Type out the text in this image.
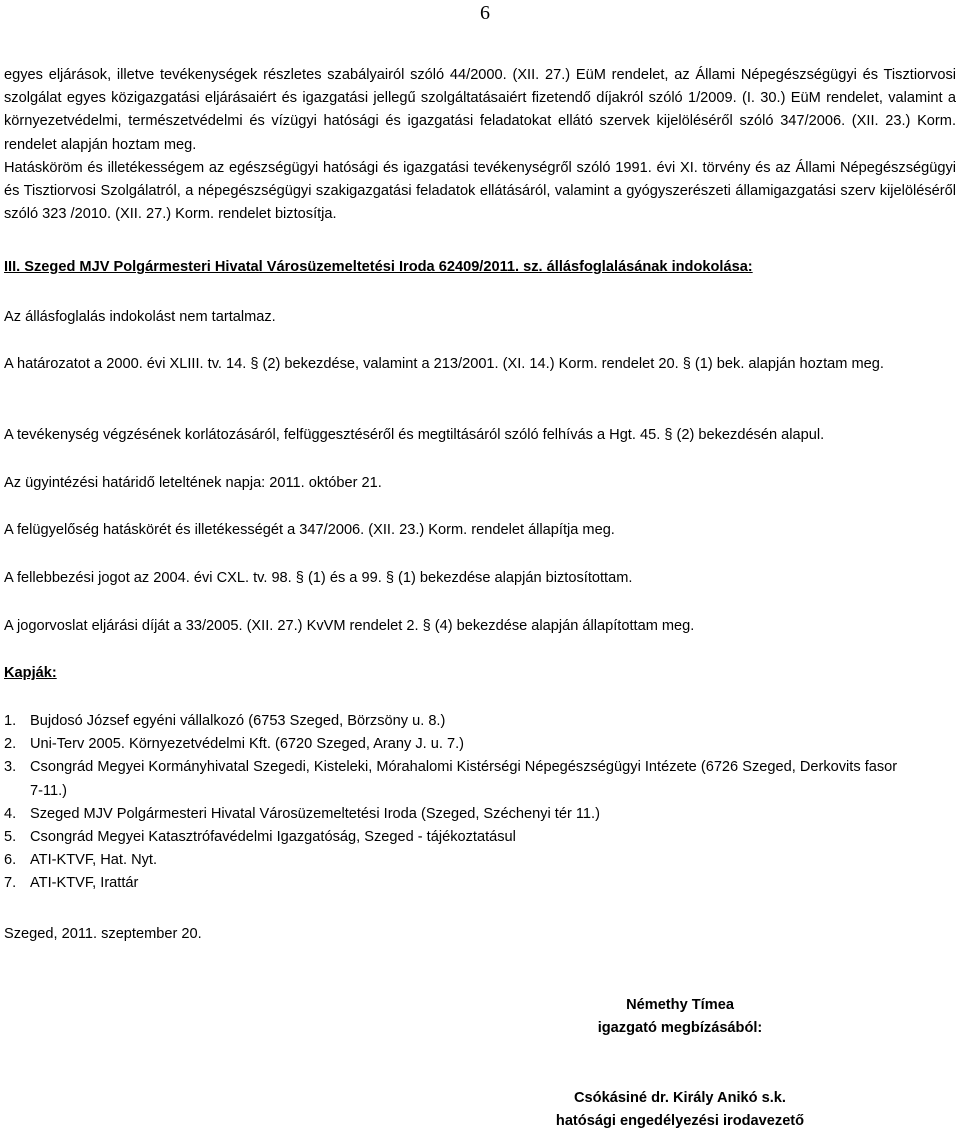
6

egyes eljárások, illetve tevékenységek részletes szabályairól szóló 44/2000. (XII. 27.) EüM rendelet, az Állami Népegészségügyi és Tisztiorvosi szolgálat egyes közigazgatási eljárásaiért és igazgatási jellegű szolgáltatásaiért fizetendő díjakról szóló 1/2009. (I. 30.) EüM rendelet, valamint a környezetvédelmi, természetvédelmi és vízügyi hatósági és igazgatási feladatokat ellátó szervek kijelöléséről szóló 347/2006. (XII. 23.) Korm. rendelet alapján hoztam meg.

Hatásköröm és illetékességem az egészségügyi hatósági és igazgatási tevékenységről szóló 1991. évi XI. törvény és az Állami Népegészségügyi és Tisztiorvosi Szolgálatról, a népegészségügyi szakigazgatási feladatok ellátásáról, valamint a gyógyszerészeti államigazgatási szerv kijelöléséről szóló 323 /2010. (XII. 27.) Korm. rendelet biztosítja.

III. Szeged MJV Polgármesteri Hivatal Városüzemeltetési Iroda 62409/2011. sz. állásfoglalásának indokolása:
Az állásfoglalás indokolást nem tartalmaz.
A határozatot a 2000. évi XLIII. tv. 14. § (2) bekezdése, valamint a 213/2001. (XI. 14.) Korm. rendelet 20. § (1) bek. alapján hoztam meg.
A tevékenység végzésének korlátozásáról, felfüggesztéséről és megtiltásáról szóló felhívás a Hgt. 45. § (2) bekezdésén alapul.
Az ügyintézési határidő leteltének napja: 2011. október 21.
A felügyelőség hatáskörét és illetékességét a 347/2006. (XII. 23.) Korm. rendelet állapítja meg.
A fellebbezési jogot az 2004. évi CXL. tv. 98. § (1) és a 99. § (1) bekezdése alapján biztosítottam.
A jogorvoslat eljárási díját a 33/2005. (XII. 27.) KvVM rendelet 2. § (4) bekezdése alapján állapítottam meg.
Kapják:
1. Bujdosó József egyéni vállalkozó (6753 Szeged, Börzsöny u. 8.)
2. Uni-Terv 2005. Környezetvédelmi Kft. (6720 Szeged, Arany J. u. 7.)
3. Csongrád Megyei Kormányhivatal Szegedi, Kisteleki, Mórahalomi Kistérségi Népegészségügyi Intézete (6726 Szeged, Derkovits fasor 7-11.)
4. Szeged MJV Polgármesteri Hivatal Városüzemeltetési Iroda (Szeged, Széchenyi tér 11.)
5. Csongrád Megyei Katasztrófavédelmi Igazgatóság, Szeged - tájékoztatásul
6. ATI-KTVF, Hat. Nyt.
7. ATI-KTVF, Irattár
Szeged, 2011. szeptember 20.
Némethy Tímea
igazgató megbízásából:
Csókásiné dr. Király Anikó s.k.
hatósági engedélyezési irodavezető
